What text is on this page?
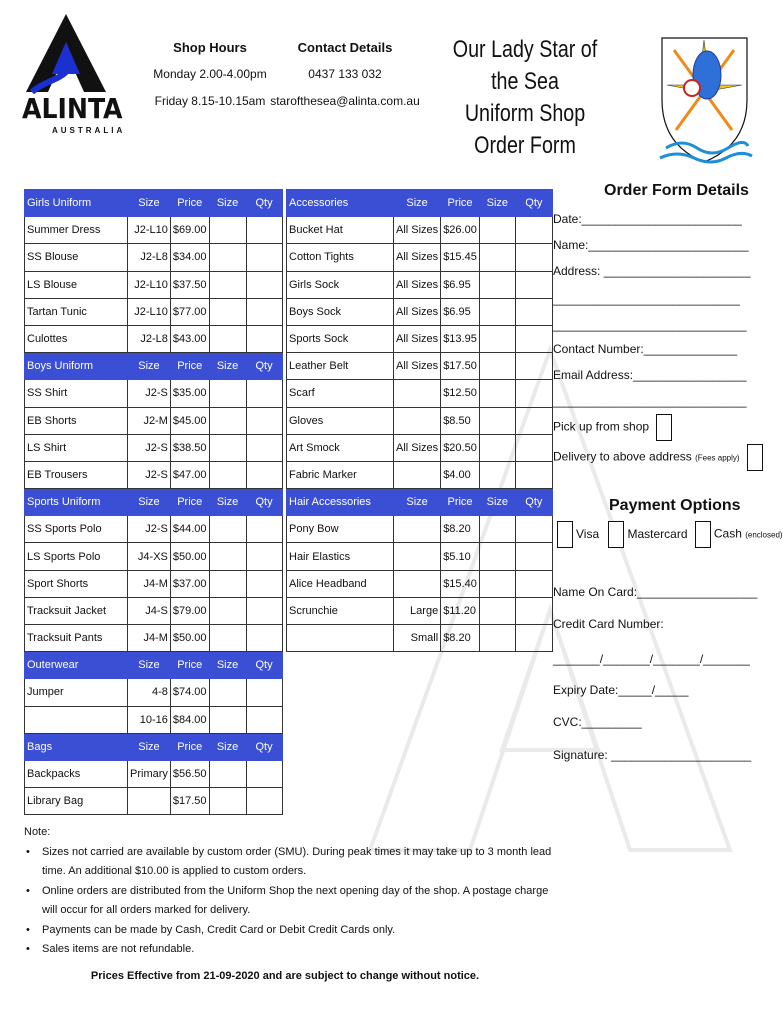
ALINTA
AUSTRALIA
Shop Hours
Monday 2.00-4.00pm
Friday 8.15-10.15am
Contact Details
0437 133 032
starofthesea@alinta.com.au
Our Lady Star of the Sea
Uniform Shop Order Form
Girls Uniform	Size	Price	Size	Qty
Summer Dress	J2-L10	$69.00		
SS Blouse	J2-L8	$34.00		
LS Blouse	J2-L10	$37.50		
Tartan Tunic	J2-L10	$77.00		
Culottes	J2-L8	$43.00		
Boys Uniform	Size	Price	Size	Qty
SS Shirt	J2-S	$35.00		
EB Shorts	J2-M	$45.00		
LS Shirt	J2-S	$38.50		
EB Trousers	J2-S	$47.00		
Sports Uniform	Size	Price	Size	Qty
SS Sports Polo	J2-S	$44.00		
LS Sports Polo	J4-XS	$50.00		
Sport Shorts	J4-M	$37.00		
Tracksuit Jacket	J4-S	$79.00		
Tracksuit Pants	J4-M	$50.00		
Outerwear	Size	Price	Size	Qty
Jumper	4-8	$74.00		
	10-16	$84.00		
Bags	Size	Price	Size	Qty
Backpacks	Primary	$56.50		
Library Bag		$17.50		
Accessories	Size	Price	Size	Qty
Bucket Hat	All Sizes	$26.00		
Cotton Tights	All Sizes	$15.45		
Girls Sock	All Sizes	$6.95		
Boys Sock	All Sizes	$6.95		
Sports Sock	All Sizes	$13.95		
Leather Belt	All Sizes	$17.50		
Scarf		$12.50		
Gloves		$8.50		
Art Smock	All Sizes	$20.50		
Fabric Marker		$4.00		
Hair Accessories	Size	Price	Size	Qty
Pony Bow		$8.20		
Hair Elastics		$5.10		
Alice Headband		$15.40		
Scrunchie	Large	$11.20		
	Small	$8.20		
Order Form Details
Date:________________________
Name:________________________
Address: ______________________
____________________________
_____________________________
Contact Number:______________
Email Address:_________________
_____________________________
Pick up from shop
Delivery to above address (Fees apply)
Payment Options
Visa Mastercard Cash (enclosed)
Name On Card:__________________
Credit Card Number:
_______/_______/_______/_______
Expiry Date:_____/_____
CVC:_________
Signature: _____________________
Note:
• Sizes not carried are available by custom order (SMU). During peak times it may take up to 3 month lead time. An additional $10.00 is applied to custom orders.
• Online orders are distributed from the Uniform Shop the next opening day of the shop. A postage charge will occur for all orders marked for delivery.
• Payments can be made by Cash, Credit Card or Debit Credit Cards only.
• Sales items are not refundable.
Prices Effective from 21-09-2020 and are subject to change without notice.
